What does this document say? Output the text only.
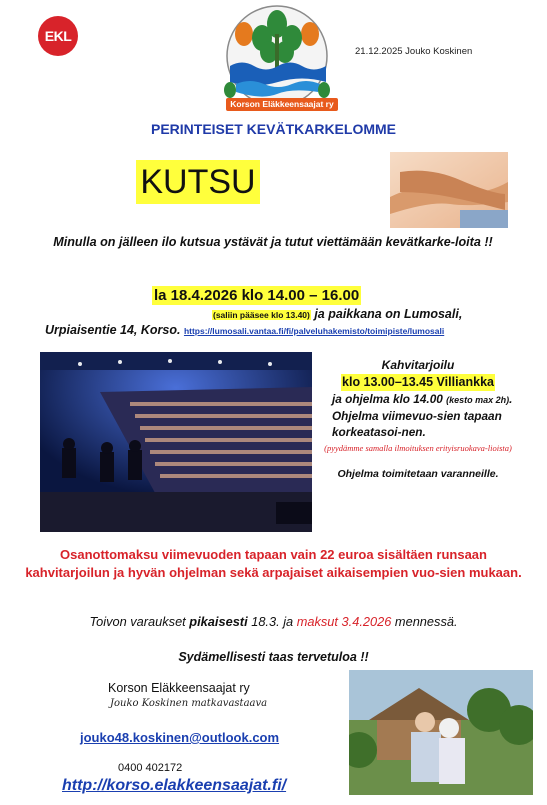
EKL
Korson Eläkkeensaajat ry
21.12.2025 Jouko Koskinen
PERINTEISET KEVÄTKARKELOMME
KUTSU
Minulla on jälleen ilo kutsua ystävät ja tutut viettämään kevätkarke-loita !!
la 18.4.2026 klo 14.00 – 16.00
(saliin pääsee klo 13.40) ja paikkana on Lumosali,
Urpiaisentie 14, Korso. https://lumosali.vantaa.fi/fi/palveluhakemisto/toimipiste/lumosali
Kahvitarjoilu
klo 13.00–13.45 Villiankka
ja ohjelma klo 14.00 (kesto max 2h). Ohjelma viimevuo-sien tapaan korkeatasoi-nen.
(pyydämme samalla ilmoituksen erityisruokava-lioista)
Ohjelma toimitetaan varanneille.
Osanottomaksu viimevuoden tapaan vain 22 euroa sisältäen runsaan kahvitarjoilun ja hyvän ohjelman sekä arpajaiset aikaisempien vuo-sien mukaan.
Toivon varaukset pikaisesti 18.3. ja maksut 3.4.2026 mennessä.
Sydämellisesti taas tervetuloa !!
Korson Eläkkeensaajat ry
Jouko Koskinen matkavastaava
jouko48.koskinen@outlook.com
0400 402172
http://korso.elakkeensaajat.fi/
